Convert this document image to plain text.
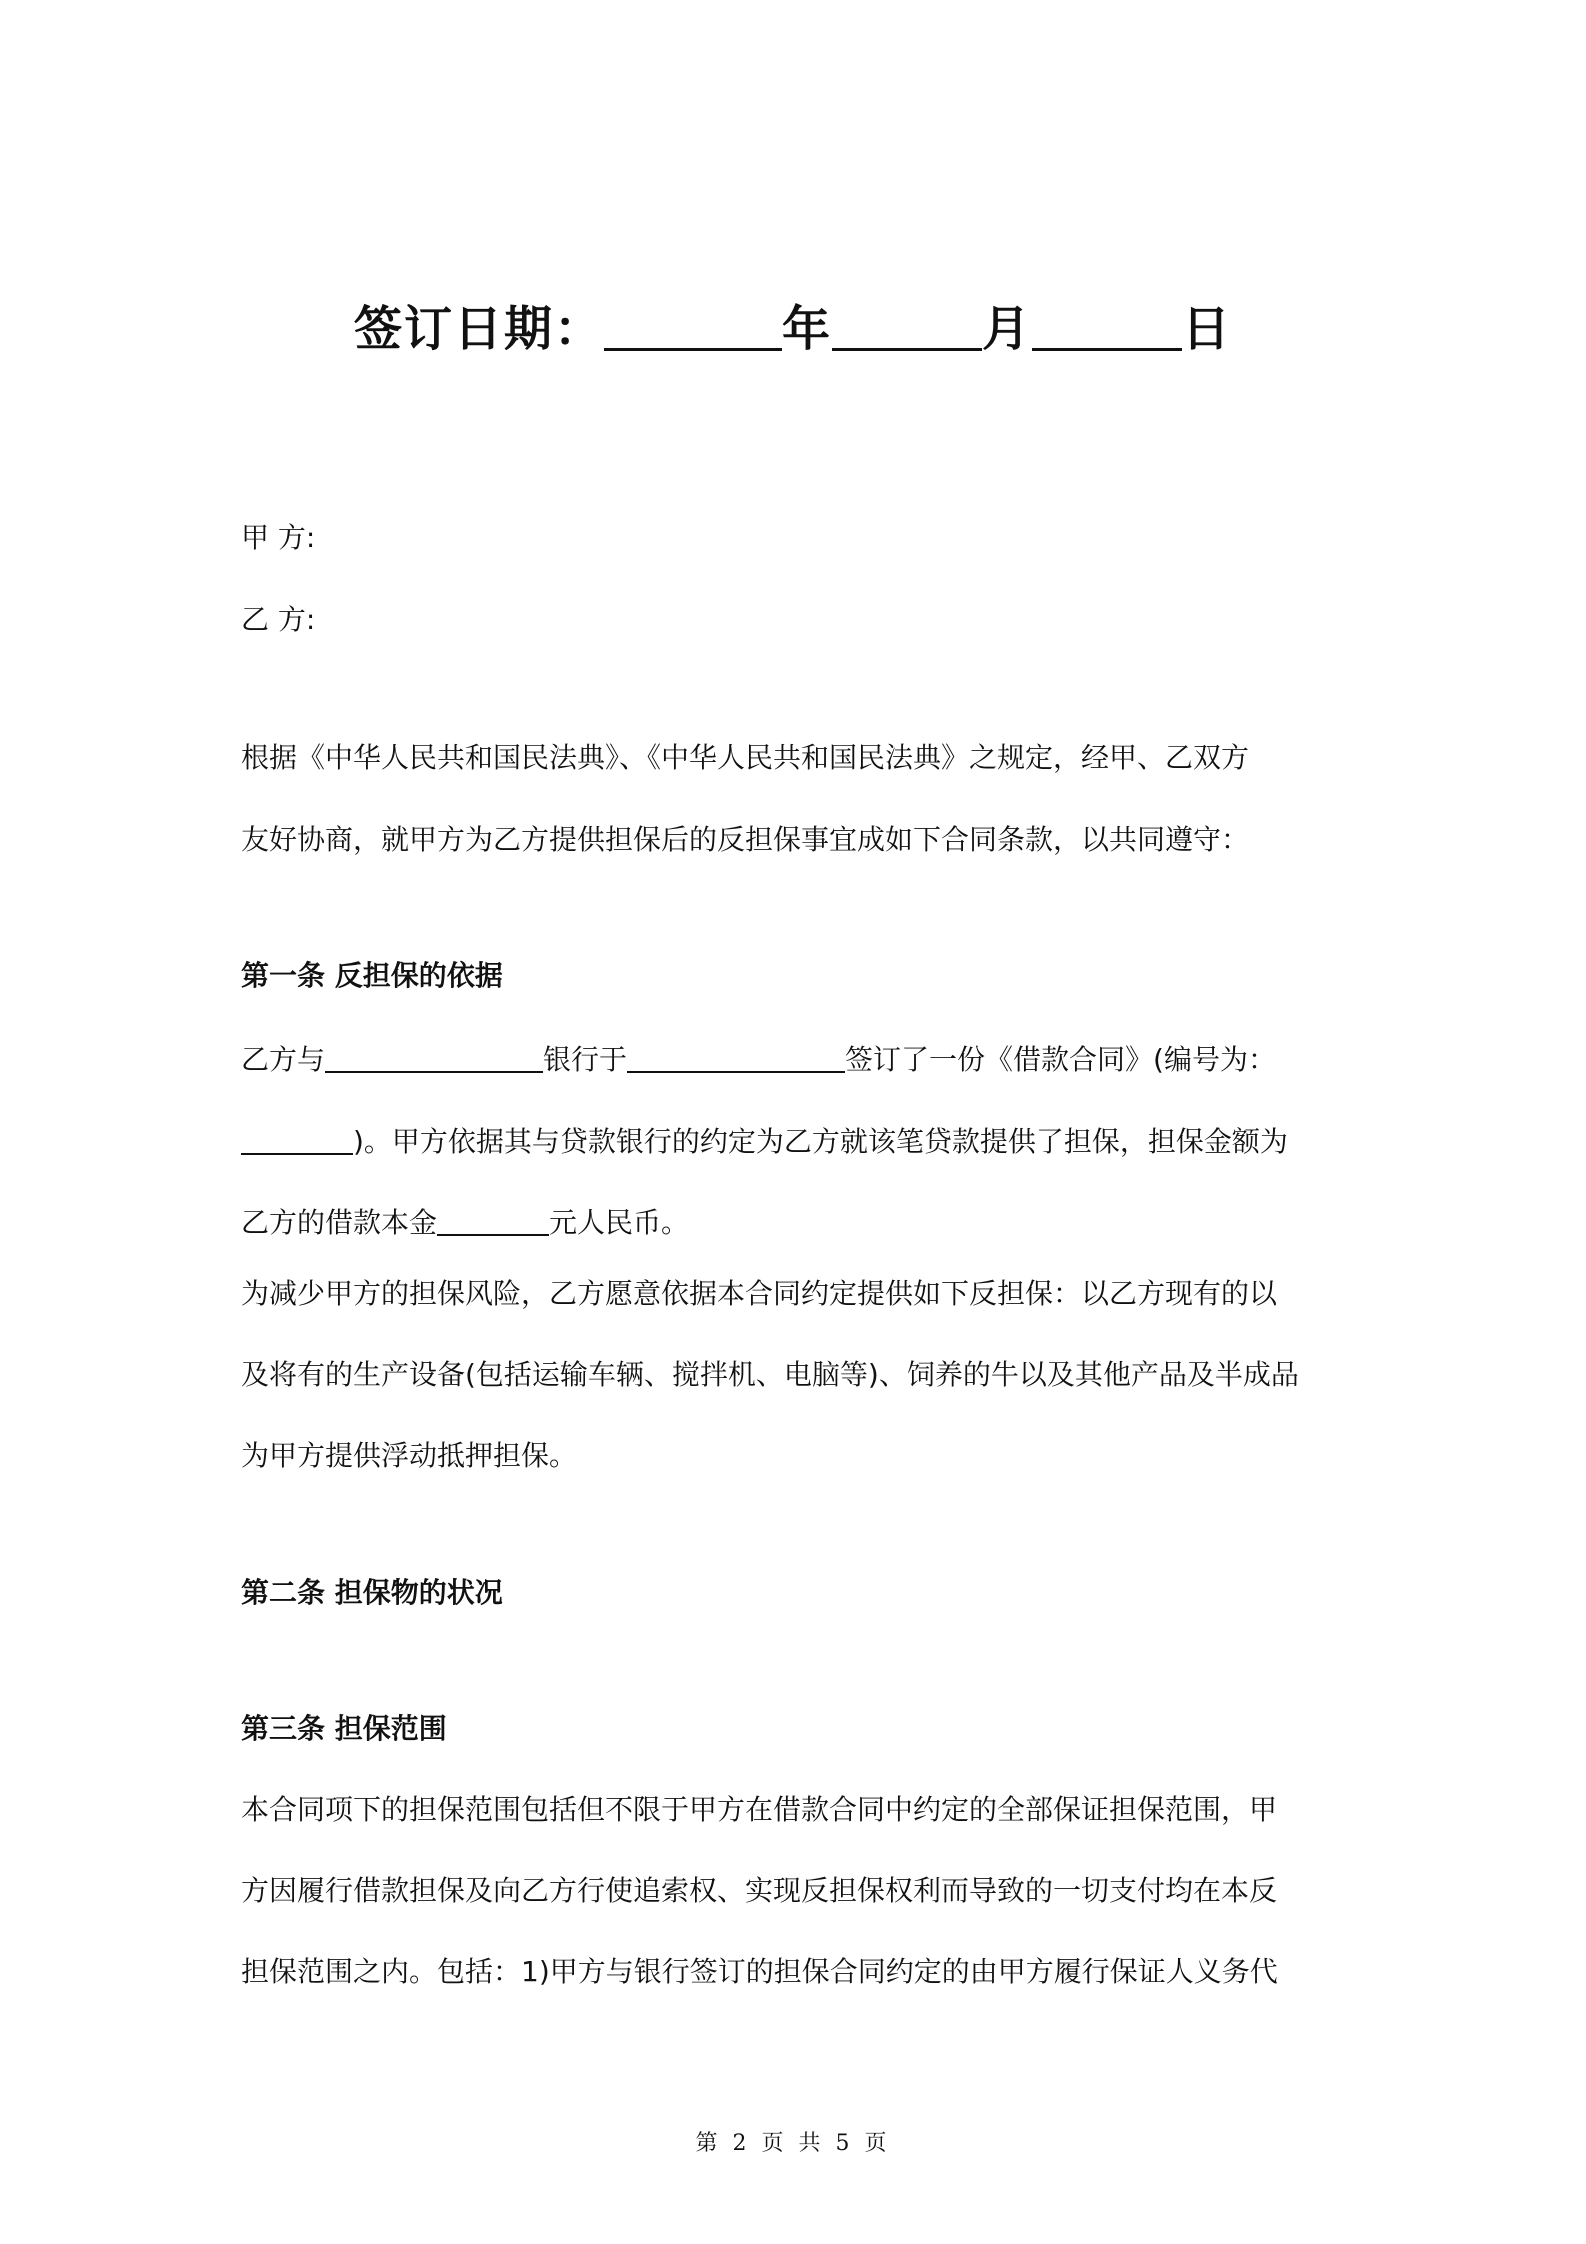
签订日期：	年	月	日
甲 方:
乙 方:
根据《中华人民共和国民法典》、《中华人民共和国民法典》之规定，经甲、乙双方
友好协商，就甲方为乙方提供担保后的反担保事宜成如下合同条款，以共同遵守：
第一条 反担保的依据
乙方与	银行于	签订了一份《借款合同》(编号为：
)。甲方依据其与贷款银行的约定为乙方就该笔贷款提供了担保，担保金额为
乙方的借款本金	元人民币。
为减少甲方的担保风险，乙方愿意依据本合同约定提供如下反担保：以乙方现有的以
及将有的生产设备(包括运输车辆、搅拌机、电脑等)、饲养的牛以及其他产品及半成品
为甲方提供浮动抵押担保。
第二条 担保物的状况
第三条 担保范围
本合同项下的担保范围包括但不限于甲方在借款合同中约定的全部保证担保范围，甲
方因履行借款担保及向乙方行使追索权、实现反担保权利而导致的一切支付均在本反
担保范围之内。包括：1)甲方与银行签订的担保合同约定的由甲方履行保证人义务代
第 2 页 共 5 页
